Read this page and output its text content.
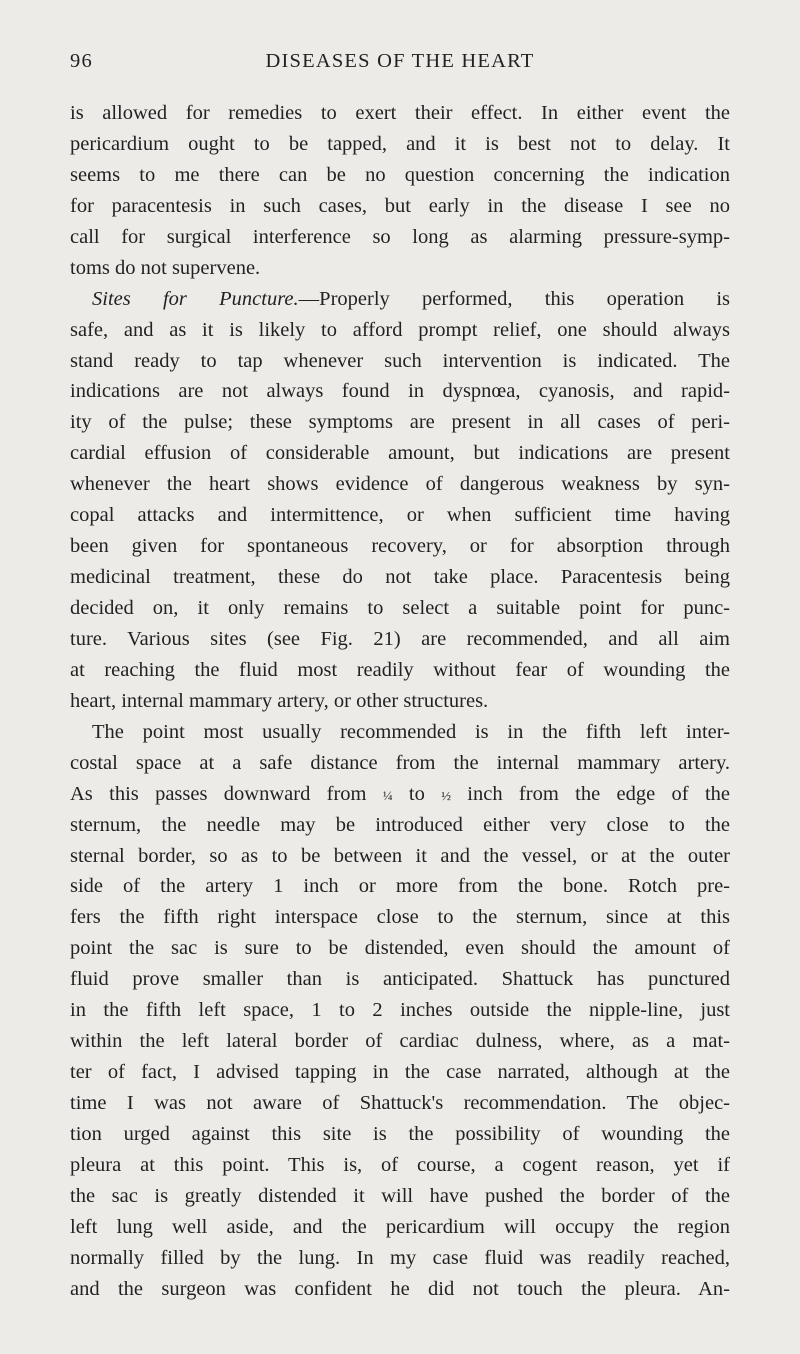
96	DISEASES OF THE HEART
is allowed for remedies to exert their effect. In either event the
pericardium ought to be tapped, and it is best not to delay. It
seems to me there can be no question concerning the indication
for paracentesis in such cases, but early in the disease I see no
call for surgical interference so long as alarming pressure-symp-
toms do not supervene.
Sites for Puncture.—Properly performed, this operation is
safe, and as it is likely to afford prompt relief, one should always
stand ready to tap whenever such intervention is indicated. The
indications are not always found in dyspnœa, cyanosis, and rapid-
ity of the pulse; these symptoms are present in all cases of peri-
cardial effusion of considerable amount, but indications are present
whenever the heart shows evidence of dangerous weakness by syn-
copal attacks and intermittence, or when sufficient time having
been given for spontaneous recovery, or for absorption through
medicinal treatment, these do not take place. Paracentesis being
decided on, it only remains to select a suitable point for punc-
ture. Various sites (see Fig. 21) are recommended, and all aim
at reaching the fluid most readily without fear of wounding the
heart, internal mammary artery, or other structures.
The point most usually recommended is in the fifth left inter-
costal space at a safe distance from the internal mammary artery.
As this passes downward from ¼ to ½ inch from the edge of the
sternum, the needle may be introduced either very close to the
sternal border, so as to be between it and the vessel, or at the outer
side of the artery 1 inch or more from the bone. Rotch pre-
fers the fifth right interspace close to the sternum, since at this
point the sac is sure to be distended, even should the amount of
fluid prove smaller than is anticipated. Shattuck has punctured
in the fifth left space, 1 to 2 inches outside the nipple-line, just
within the left lateral border of cardiac dulness, where, as a mat-
ter of fact, I advised tapping in the case narrated, although at the
time I was not aware of Shattuck's recommendation. The objec-
tion urged against this site is the possibility of wounding the
pleura at this point. This is, of course, a cogent reason, yet if
the sac is greatly distended it will have pushed the border of the
left lung well aside, and the pericardium will occupy the region
normally filled by the lung. In my case fluid was readily reached,
and the surgeon was confident he did not touch the pleura. An-
